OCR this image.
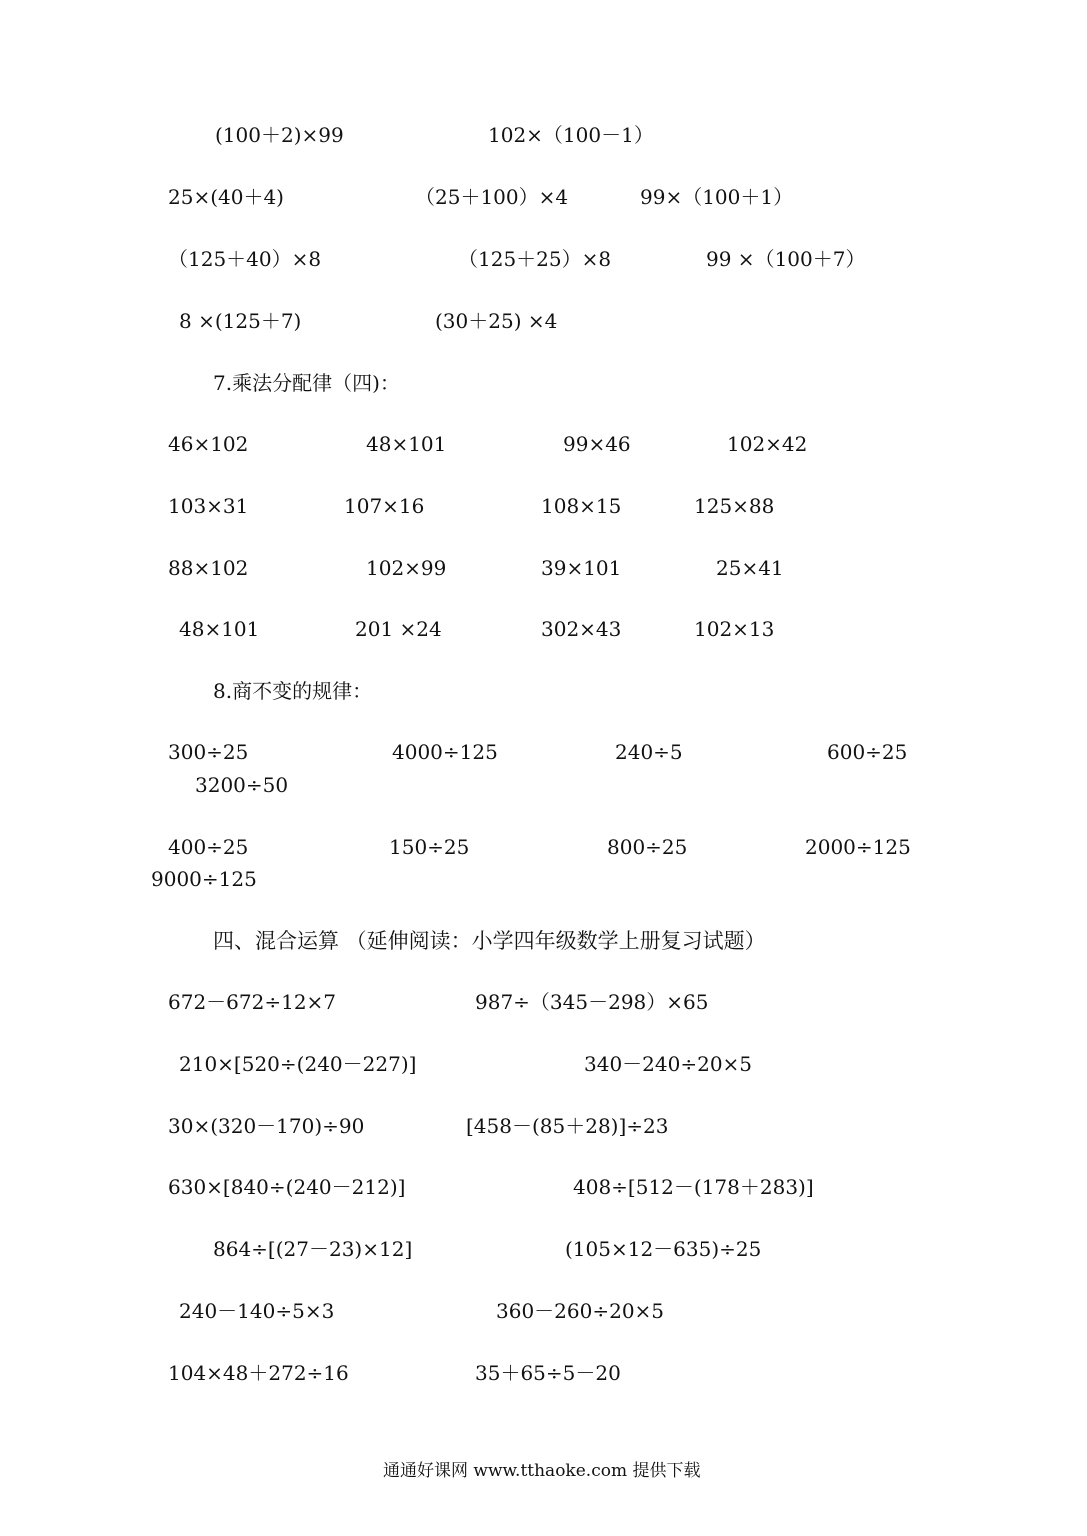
(100＋2)×99	102×（100－1）
25×(40＋4)	（25＋100）×4	99×（100＋1）
（125＋40）×8	（125＋25）×8	99 ×（100＋7）
8 ×(125＋7)	(30＋25) ×4
7.乘法分配律（四)：
46×102	48×101	99×46	102×42
103×31	107×16	108×15	125×88
88×102	102×99	39×101	25×41
48×101	201 ×24	302×43	102×13
8.商不变的规律：
300÷25	4000÷125	240÷5	600÷25
3200÷50
400÷25	150÷25	800÷25	2000÷125
9000÷125
四、混合运算 （延伸阅读：小学四年级数学上册复习试题）
672－672÷12×7	987÷（345－298）×65
210×[520÷(240－227)]	340－240÷20×5
30×(320－170)÷90	[458－(85＋28)]÷23
630×[840÷(240－212)]	408÷[512－(178＋283)]
864÷[(27－23)×12]	(105×12－635)÷25
240－140÷5×3	360－260÷20×5
104×48＋272÷16	35＋65÷5－20
通通好课网 www.tthaoke.com 提供下载
